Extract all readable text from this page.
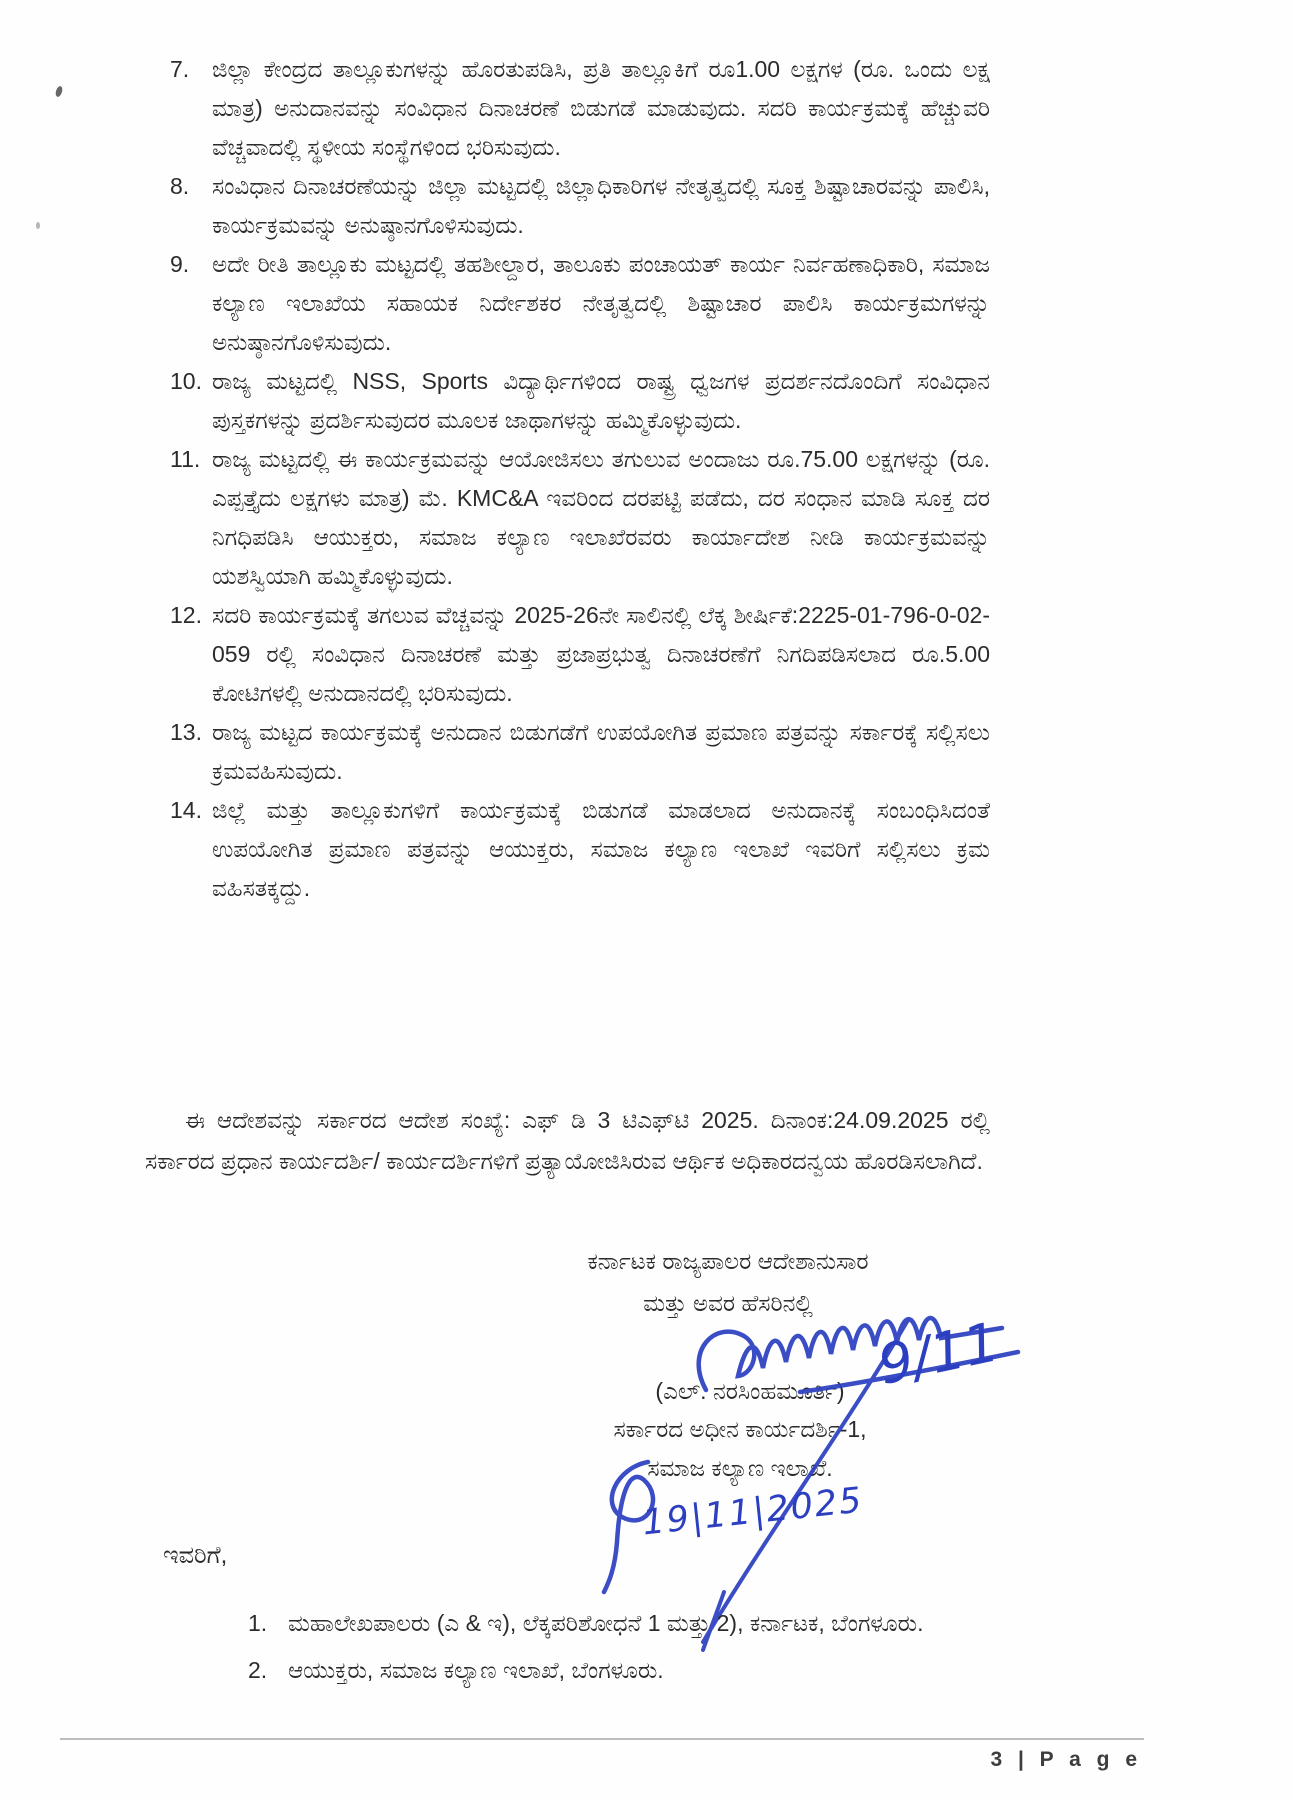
7. ಜಿಲ್ಲಾ ಕೇಂದ್ರದ ತಾಲ್ಲೂಕುಗಳನ್ನು ಹೊರತುಪಡಿಸಿ, ಪ್ರತಿ ತಾಲ್ಲೂಕಿಗೆ ರೂ1.00 ಲಕ್ಷಗಳ (ರೂ. ಒಂದು ಲಕ್ಷ ಮಾತ್ರ) ಅನುದಾನವನ್ನು ಸಂವಿಧಾನ ದಿನಾಚರಣೆ ಬಿಡುಗಡೆ ಮಾಡುವುದು. ಸದರಿ ಕಾರ್ಯಕ್ರಮಕ್ಕೆ ಹೆಚ್ಚುವರಿ ವೆಚ್ಚವಾದಲ್ಲಿ ಸ್ಥಳೀಯ ಸಂಸ್ಥೆಗಳಿಂದ ಭರಿಸುವುದು.
8. ಸಂವಿಧಾನ ದಿನಾಚರಣೆಯನ್ನು ಜಿಲ್ಲಾ ಮಟ್ಟದಲ್ಲಿ ಜಿಲ್ಲಾಧಿಕಾರಿಗಳ ನೇತೃತ್ವದಲ್ಲಿ ಸೂಕ್ತ ಶಿಷ್ಟಾಚಾರವನ್ನು ಪಾಲಿಸಿ, ಕಾರ್ಯಕ್ರಮವನ್ನು ಅನುಷ್ಠಾನಗೊಳಿಸುವುದು.
9. ಅದೇ ರೀತಿ ತಾಲ್ಲೂಕು ಮಟ್ಟದಲ್ಲಿ ತಹಶೀಲ್ದಾರ, ತಾಲೂಕು ಪಂಚಾಯತ್ ಕಾರ್ಯ ನಿರ್ವಹಣಾಧಿಕಾರಿ, ಸಮಾಜ ಕಲ್ಯಾಣ ಇಲಾಖೆಯ ಸಹಾಯಕ ನಿರ್ದೇಶಕರ ನೇತೃತ್ವದಲ್ಲಿ ಶಿಷ್ಟಾಚಾರ ಪಾಲಿಸಿ ಕಾರ್ಯಕ್ರಮಗಳನ್ನು ಅನುಷ್ಠಾನಗೊಳಿಸುವುದು.
10. ರಾಜ್ಯ ಮಟ್ಟದಲ್ಲಿ NSS, Sports ವಿದ್ಯಾರ್ಥಿಗಳಿಂದ ರಾಷ್ಟ್ರ ಧ್ವಜಗಳ ಪ್ರದರ್ಶನದೊಂದಿಗೆ ಸಂವಿಧಾನ ಪುಸ್ತಕಗಳನ್ನು ಪ್ರದರ್ಶಿಸುವುದರ ಮೂಲಕ ಜಾಥಾಗಳನ್ನು ಹಮ್ಮಿಕೊಳ್ಳುವುದು.
11. ರಾಜ್ಯ ಮಟ್ಟದಲ್ಲಿ ಈ ಕಾರ್ಯಕ್ರಮವನ್ನು ಆಯೋಜಿಸಲು ತಗುಲುವ ಅಂದಾಜು ರೂ.75.00 ಲಕ್ಷಗಳನ್ನು (ರೂ. ಎಪ್ಪತ್ತೈದು ಲಕ್ಷಗಳು ಮಾತ್ರ) ಮೆ. KMC&A ಇವರಿಂದ ದರಪಟ್ಟಿ ಪಡೆದು, ದರ ಸಂಧಾನ ಮಾಡಿ ಸೂಕ್ತ ದರ ನಿಗಧಿಪಡಿಸಿ ಆಯುಕ್ತರು, ಸಮಾಜ ಕಲ್ಯಾಣ ಇಲಾಖೆರವರು ಕಾರ್ಯಾದೇಶ ನೀಡಿ ಕಾರ್ಯಕ್ರಮವನ್ನು ಯಶಸ್ವಿಯಾಗಿ ಹಮ್ಮಿಕೊಳ್ಳುವುದು.
12. ಸದರಿ ಕಾರ್ಯಕ್ರಮಕ್ಕೆ ತಗಲುವ ವೆಚ್ಚವನ್ನು 2025-26ನೇ ಸಾಲಿನಲ್ಲಿ ಲೆಕ್ಕ ಶೀರ್ಷಿಕೆ:2225-01-796-0-02-059 ರಲ್ಲಿ ಸಂವಿಧಾನ ದಿನಾಚರಣೆ ಮತ್ತು ಪ್ರಜಾಪ್ರಭುತ್ವ ದಿನಾಚರಣೆಗೆ ನಿಗದಿಪಡಿಸಲಾದ ರೂ.5.00 ಕೋಟಿಗಳಲ್ಲಿ ಅನುದಾನದಲ್ಲಿ ಭರಿಸುವುದು.
13. ರಾಜ್ಯ ಮಟ್ಟದ ಕಾರ್ಯಕ್ರಮಕ್ಕೆ ಅನುದಾನ ಬಿಡುಗಡೆಗೆ ಉಪಯೋಗಿತ ಪ್ರಮಾಣ ಪತ್ರವನ್ನು ಸರ್ಕಾರಕ್ಕೆ ಸಲ್ಲಿಸಲು ಕ್ರಮವಹಿಸುವುದು.
14. ಜಿಲ್ಲೆ ಮತ್ತು ತಾಲ್ಲೂಕುಗಳಿಗೆ ಕಾರ್ಯಕ್ರಮಕ್ಕೆ ಬಿಡುಗಡೆ ಮಾಡಲಾದ ಅನುದಾನಕ್ಕೆ ಸಂಬಂಧಿಸಿದಂತೆ ಉಪಯೋಗಿತ ಪ್ರಮಾಣ ಪತ್ರವನ್ನು ಆಯುಕ್ತರು, ಸಮಾಜ ಕಲ್ಯಾಣ ಇಲಾಖೆ ಇವರಿಗೆ ಸಲ್ಲಿಸಲು ಕ್ರಮ ವಹಿಸತಕ್ಕದ್ದು.
ಈ ಆದೇಶವನ್ನು ಸರ್ಕಾರದ ಆದೇಶ ಸಂಖ್ಯೆ: ಎಫ್ ಡಿ 3 ಟಿಎಫ್‌ಟಿ 2025. ದಿನಾಂಕ:24.09.2025 ರಲ್ಲಿ ಸರ್ಕಾರದ ಪ್ರಧಾನ ಕಾರ್ಯದರ್ಶಿ/ ಕಾರ್ಯದರ್ಶಿಗಳಿಗೆ ಪ್ರತ್ಯಾಯೋಜಿಸಿರುವ ಆರ್ಥಿಕ ಅಧಿಕಾರದನ್ವಯ ಹೊರಡಿಸಲಾಗಿದೆ.
ಕರ್ನಾಟಕ ರಾಜ್ಯಪಾಲರ ಆದೇಶಾನುಸಾರ
ಮತ್ತು ಅವರ ಹೆಸರಿನಲ್ಲಿ
(ಎಲ್. ನರಸಿಂಹಮೂರ್ತಿ)
ಸರ್ಕಾರದ ಅಧೀನ ಕಾರ್ಯದರ್ಶಿ-1,
ಸಮಾಜ ಕಲ್ಯಾಣ ಇಲಾಖೆ.
9/11
19|11|2025
ಇವರಿಗೆ,
1. ಮಹಾಲೇಖಪಾಲರು (ಎ & ಇ), ಲೆಕ್ಕಪರಿಶೋಧನೆ 1 ಮತ್ತು 2), ಕರ್ನಾಟಕ, ಬೆಂಗಳೂರು.
2. ಆಯುಕ್ತರು, ಸಮಾಜ ಕಲ್ಯಾಣ ಇಲಾಖೆ, ಬೆಂಗಳೂರು.
3 | P a g e
